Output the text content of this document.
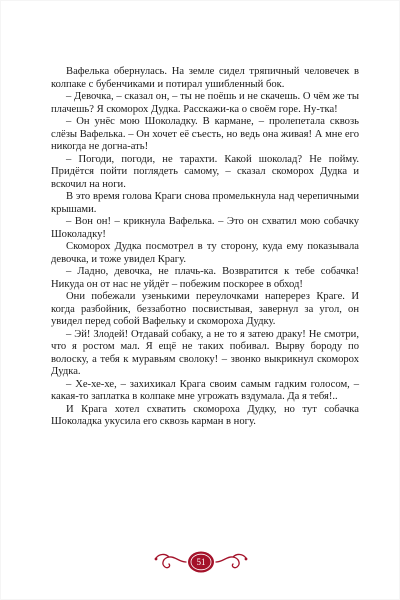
Вафелька обернулась. На земле сидел тряпичный человечек в колпаке с бубенчиками и потирал ушибленный бок.

– Девочка, – сказал он, – ты не поёшь и не скачешь. О чём же ты плачешь? Я скоморох Дудка. Расскажи-ка о своём горе. Ну-тка!

– Он унёс мою Шоколадку. В кармане, – пролепетала сквозь слёзы Вафелька. – Он хочет её съесть, но ведь она живая! А мне его никогда не догна-ать!

– Погоди, погоди, не тарахти. Какой шоколад? Не пойму. Придётся пойти поглядеть самому, – сказал скоморох Дудка и вскочил на ноги.

В это время голова Краги снова промелькнула над черепичными крышами.

– Вон он! – крикнула Вафелька. – Это он схватил мою собачку Шоколадку!

Скоморох Дудка посмотрел в ту сторону, куда ему показывала девочка, и тоже увидел Крагу.

– Ладно, девочка, не плачь-ка. Возвратится к тебе собачка! Никуда он от нас не уйдёт – побежим поскорее в обход!

Они побежали узенькими переулочками наперерез Краге. И когда разбойник, беззаботно посвистывая, завернул за угол, он увидел перед собой Вафельку и скомороха Дудку.

– Эй! Злодей! Отдавай собаку, а не то я затею драку! Не смотри, что я ростом мал. Я ещё не таких побивал. Вырву бороду по волоску, а тебя к муравьям сволоку! – звонко выкрикнул скоморох Дудка.

– Хе-хе-хе, – захихикал Крага своим самым гадким голосом, – какая-то заплатка в колпаке мне угрожать вздумала. Да я тебя!..

И Крага хотел схватить скомороха Дудку, но тут собачка Шоколадка укусила его сквозь карман в ногу.

51
